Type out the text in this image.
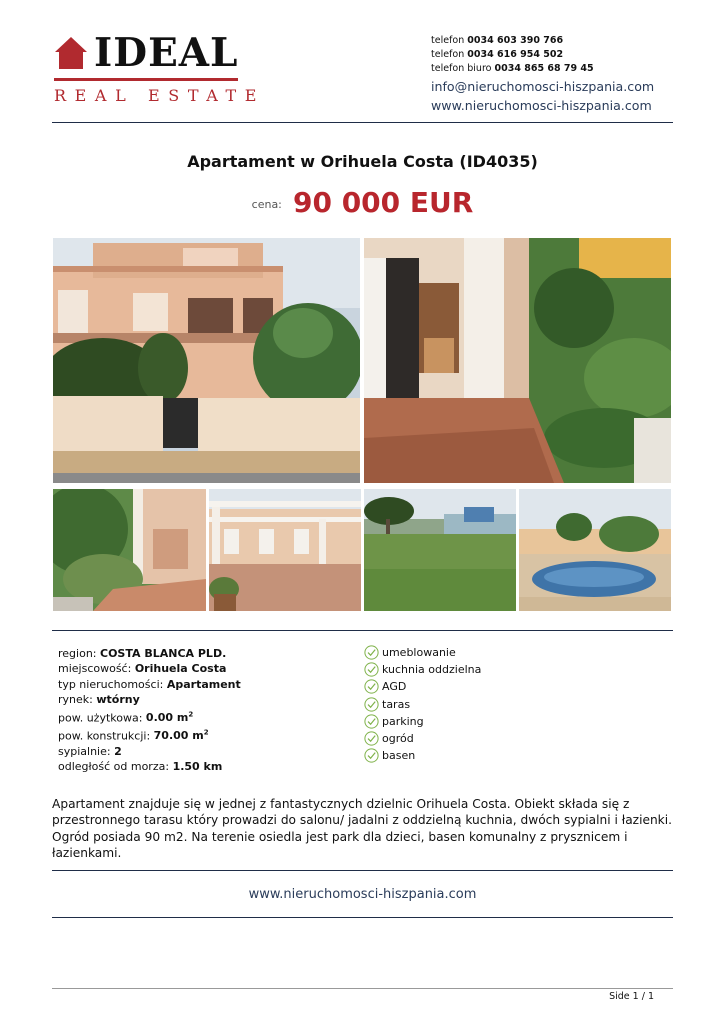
IDEAL
REAL ESTATE
telefon 0034 603 390 766
telefon 0034 616 954 502
telefon biuro 0034 865 68 79 45
info@nieruchomosci-hiszpania.com
www.nieruchomosci-hiszpania.com
Apartament w Orihuela Costa (ID4035)
$^{cena:}$ 90 000 EUR
region: COSTA BLANCA PLD.
miejscowość: Orihuela Costa
typ nieruchomości: Apartament
rynek: wtórny
pow. użytkowa: 0.00 $m^2$
pow. konstrukcji: 70.00 $m^2$
sypialnie: 2
odległość od morza: 1.50 km
umeblowanie
kuchnia oddzielna
AGD
taras
parking
ogród
basen
Apartament znajduje się w jednej z fantastycznych dzielnic Orihuela Costa. Obiekt składa się z przestronnego tarasu który prowadzi do salonu/ jadalni z oddzielną kuchnia, dwóch sypialni i łazienki. Ogród posiada 90 m2. Na terenie osiedla jest park dla dzieci, basen komunalny z prysznicem i łazienkami.
www.nieruchomosci-hiszpania.com
Side 1 / 1
